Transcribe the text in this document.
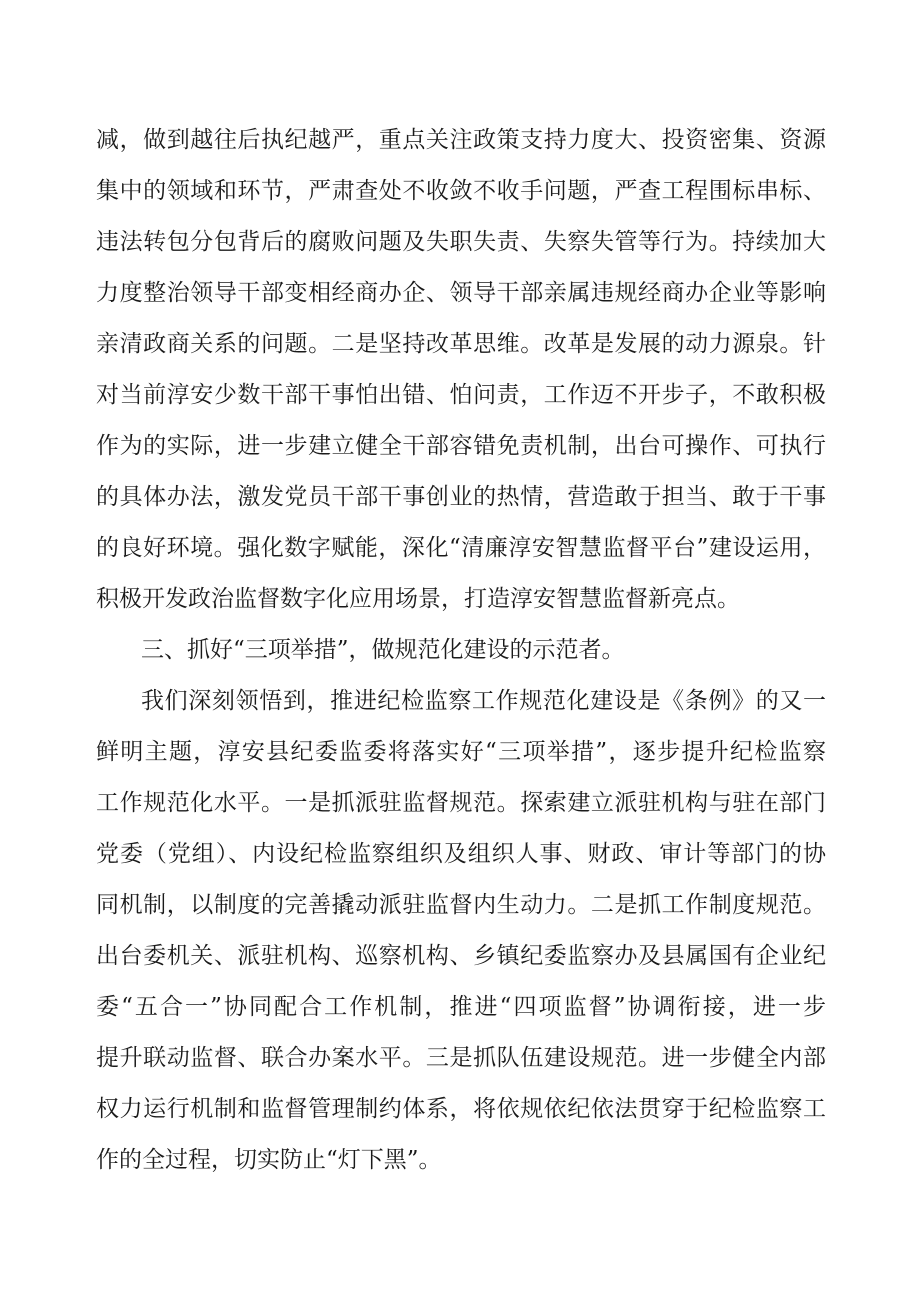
减，做到越往后执纪越严，重点关注政策支持力度大、投资密集、资源
集中的领域和环节，严肃查处不收敛不收手问题，严查工程围标串标、
违法转包分包背后的腐败问题及失职失责、失察失管等行为。持续加大
力度整治领导干部变相经商办企、领导干部亲属违规经商办企业等影响
亲清政商关系的问题。二是坚持改革思维。改革是发展的动力源泉。针
对当前淳安少数干部干事怕出错、怕问责，工作迈不开步子，不敢积极
作为的实际，进一步建立健全干部容错免责机制，出台可操作、可执行
的具体办法，激发党员干部干事创业的热情，营造敢于担当、敢于干事
的良好环境。强化数字赋能，深化“清廉淳安智慧监督平台”建设运用，
积极开发政治监督数字化应用场景，打造淳安智慧监督新亮点。
三、抓好“三项举措”，做规范化建设的示范者。
我们深刻领悟到，推进纪检监察工作规范化建设是《条例》的又一
鲜明主题，淳安县纪委监委将落实好“三项举措”，逐步提升纪检监察
工作规范化水平。一是抓派驻监督规范。探索建立派驻机构与驻在部门
党委（党组）、内设纪检监察组织及组织人事、财政、审计等部门的协
同机制，以制度的完善撬动派驻监督内生动力。二是抓工作制度规范。
出台委机关、派驻机构、巡察机构、乡镇纪委监察办及县属国有企业纪
委“五合一”协同配合工作机制，推进“四项监督”协调衔接，进一步
提升联动监督、联合办案水平。三是抓队伍建设规范。进一步健全内部
权力运行机制和监督管理制约体系，将依规依纪依法贯穿于纪检监察工
作的全过程，切实防止“灯下黑”。
